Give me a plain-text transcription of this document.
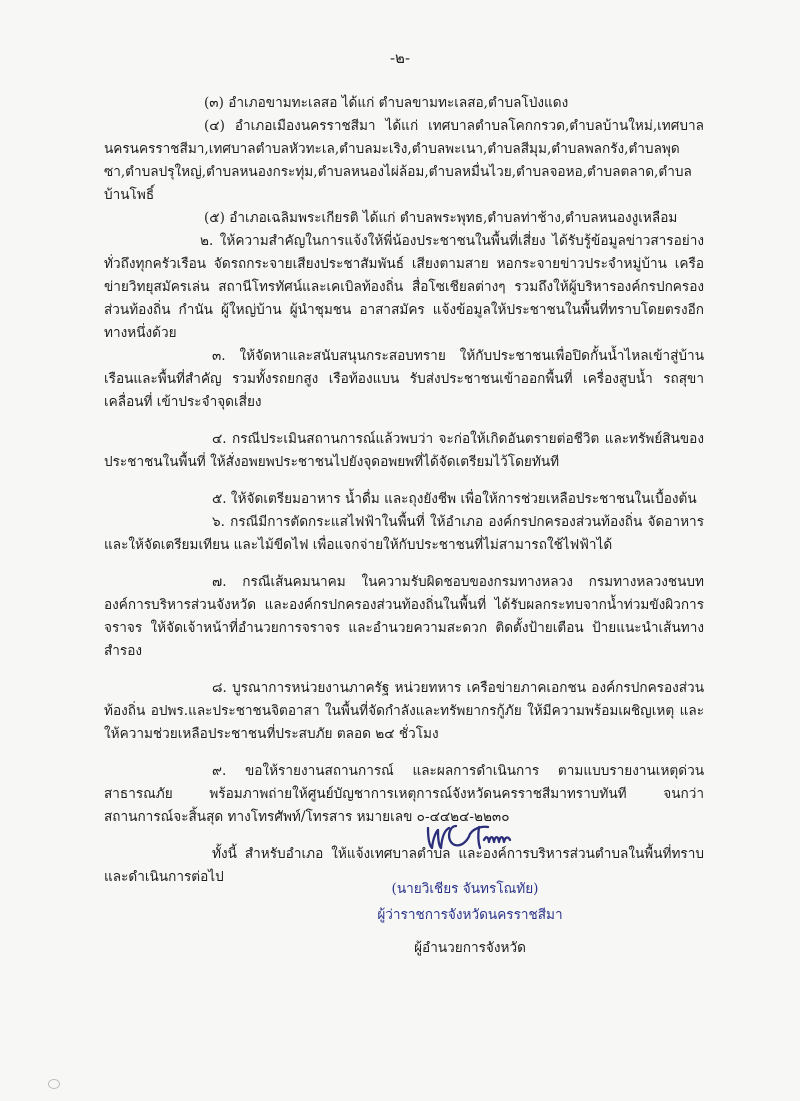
-๒-

(๓) อำเภอขามทะเลสอ ได้แก่ ตำบลขามทะเลสอ,ตำบลโป่งแดง

(๔) อำเภอเมืองนครราชสีมา ได้แก่ เทศบาลตำบลโคกกรวด,ตำบลบ้านใหม่,เทศบาลนครนครราชสีมา,เทศบาลตำบลหัวทะเล,ตำบลมะเริง,ตำบลพะเนา,ตำบลสีมุม,ตำบลพลกรัง,ตำบลพุดซา,ตำบลปรุใหญ่,ตำบลหนองกระทุ่ม,ตำบลหนองไผ่ล้อม,ตำบลหมื่นไวย,ตำบลจอหอ,ตำบลตลาด,ตำบลบ้านโพธิ์

(๕) อำเภอเฉลิมพระเกียรติ ได้แก่ ตำบลพระพุทธ,ตำบลท่าช้าง,ตำบลหนองงูเหลือม

๒. ให้ความสำคัญในการแจ้งให้พี่น้องประชาชนในพื้นที่เสี่ยง ได้รับรู้ข้อมูลข่าวสารอย่างทั่วถึงทุกครัวเรือน จัดรถกระจายเสียงประชาสัมพันธ์ เสียงตามสาย หอกระจายข่าวประจำหมู่บ้าน เครือข่ายวิทยุสมัครเล่น สถานีโทรทัศน์และเคเบิลท้องถิ่น สื่อโซเชียลต่างๆ รวมถึงให้ผู้บริหารองค์กรปกครองส่วนท้องถิ่น กำนัน ผู้ใหญ่บ้าน ผู้นำชุมชน อาสาสมัคร แจ้งข้อมูลให้ประชาชนในพื้นที่ทราบโดยตรงอีกทางหนึ่งด้วย

๓. ให้จัดหาและสนับสนุนกระสอบทราย ให้กับประชาชนเพื่อปิดกั้นน้ำไหลเข้าสู่บ้านเรือนและพื้นที่สำคัญ รวมทั้งรถยกสูง เรือท้องแบน รับส่งประชาชนเข้าออกพื้นที่ เครื่องสูบน้ำ รถสุขาเคลื่อนที่ เข้าประจำจุดเสี่ยง

๔. กรณีประเมินสถานการณ์แล้วพบว่า จะก่อให้เกิดอันตรายต่อชีวิต และทรัพย์สินของประชาชนในพื้นที่ ให้สั่งอพยพประชาชนไปยังจุดอพยพที่ได้จัดเตรียมไว้โดยทันที

๕. ให้จัดเตรียมอาหาร น้ำดื่ม และถุงยังชีพ เพื่อให้การช่วยเหลือประชาชนในเบื้องต้น

๖. กรณีมีการตัดกระแสไฟฟ้าในพื้นที่ ให้อำเภอ องค์กรปกครองส่วนท้องถิ่น จัดอาหารและให้จัดเตรียมเทียน และไม้ขีดไฟ เพื่อแจกจ่ายให้กับประชาชนที่ไม่สามารถใช้ไฟฟ้าได้

๗. กรณีเส้นคมนาคม ในความรับผิดชอบของกรมทางหลวง กรมทางหลวงชนบท องค์การบริหารส่วนจังหวัด และองค์กรปกครองส่วนท้องถิ่นในพื้นที่ ได้รับผลกระทบจากน้ำท่วมขังผิวการจราจร ให้จัดเจ้าหน้าที่อำนวยการจราจร และอำนวยความสะดวก ติดตั้งป้ายเตือน ป้ายแนะนำเส้นทางสำรอง

๘. บูรณาการหน่วยงานภาครัฐ หน่วยทหาร เครือข่ายภาคเอกชน องค์กรปกครองส่วนท้องถิ่น อปพร.และประชาชนจิตอาสา ในพื้นที่จัดกำลังและทรัพยากรกู้ภัย ให้มีความพร้อมเผชิญเหตุ และให้ความช่วยเหลือประชาชนที่ประสบภัย ตลอด ๒๔ ชั่วโมง

๙. ขอให้รายงานสถานการณ์ และผลการดำเนินการ ตามแบบรายงานเหตุด่วนสาธารณภัย พร้อมภาพถ่ายให้ศูนย์บัญชาการเหตุการณ์จังหวัดนครราชสีมาทราบทันที จนกว่าสถานการณ์จะสิ้นสุด ทางโทรศัพท์/โทรสาร หมายเลข ๐-๔๔๒๔-๒๒๓๐

ทั้งนี้ สำหรับอำเภอ ให้แจ้งเทศบาลตำบล และองค์การบริหารส่วนตำบลในพื้นที่ทราบและดำเนินการต่อไป

(นายวิเชียร จันทรโณทัย)
ผู้ว่าราชการจังหวัดนครราชสีมา
ผู้อำนวยการจังหวัด
